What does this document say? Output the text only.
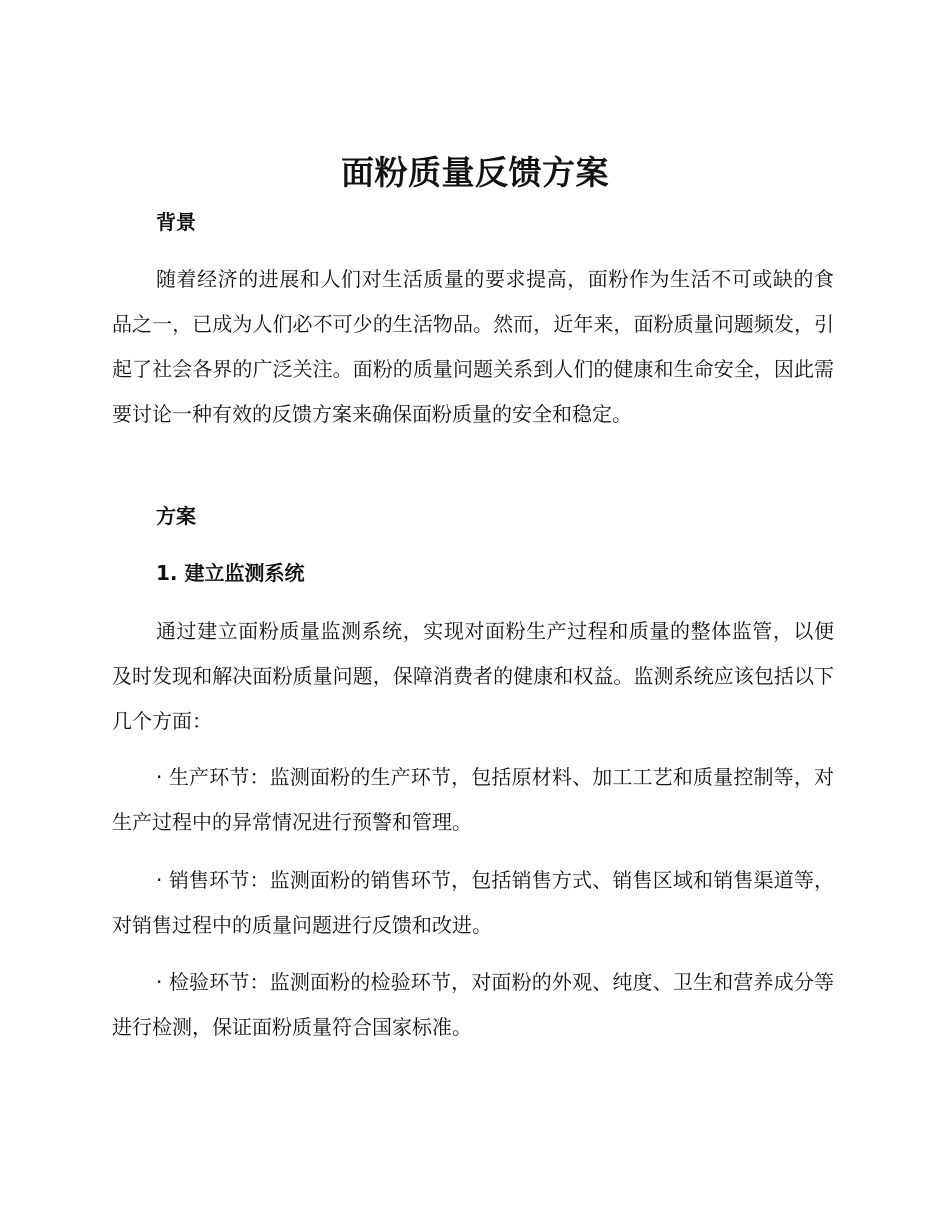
面粉质量反馈方案
背景

随着经济的进展和人们对生活质量的要求提高，面粉作为生活不可或缺的食品之一，已成为人们必不可少的生活物品。然而，近年来，面粉质量问题频发，引起了社会各界的广泛关注。面粉的质量问题关系到人们的健康和生命安全，因此需要讨论一种有效的反馈方案来确保面粉质量的安全和稳定。

方案
1. 建立监测系统

通过建立面粉质量监测系统，实现对面粉生产过程和质量的整体监管，以便及时发现和解决面粉质量问题，保障消费者的健康和权益。监测系统应该包括以下几个方面：

· 生产环节：监测面粉的生产环节，包括原材料、加工工艺和质量控制等，对生产过程中的异常情况进行预警和管理。

· 销售环节：监测面粉的销售环节，包括销售方式、销售区域和销售渠道等，对销售过程中的质量问题进行反馈和改进。

· 检验环节：监测面粉的检验环节，对面粉的外观、纯度、卫生和营养成分等进行检测，保证面粉质量符合国家标准。
